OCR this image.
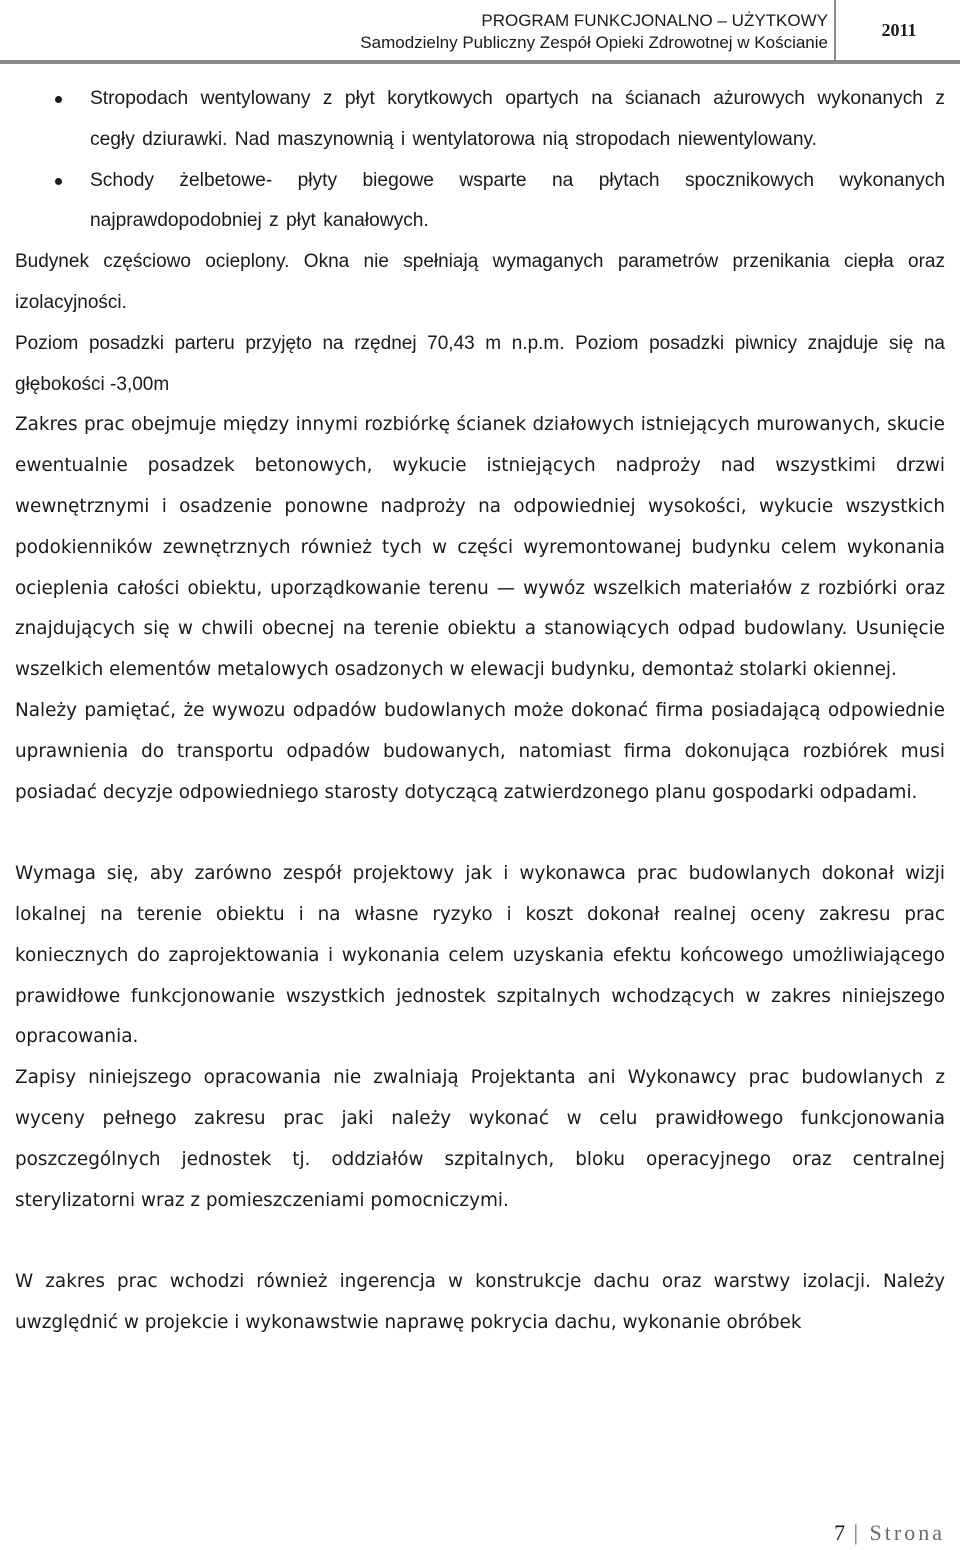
PROGRAM FUNKCJONALNO – UŻYTKOWY
Samodzielny Publiczny Zespół Opieki Zdrowotnej w Kościanie
2011
Stropodach wentylowany z płyt korytkowych opartych na ścianach ażurowych wykonanych z cegły dziurawki. Nad maszynownią i wentylatorowa nią stropodach niewentylowany.
Schody żelbetowe- płyty biegowe wsparte na płytach spocznikowych wykonanych najprawdopodobniej z płyt kanałowych.

Budynek częściowo ocieplony. Okna nie spełniają wymaganych parametrów przenikania ciepła oraz izolacyjności.

Poziom posadzki parteru przyjęto na rzędnej 70,43 m n.p.m. Poziom posadzki piwnicy znajduje się na głębokości -3,00m

Zakres prac obejmuje między innymi rozbiórkę ścianek działowych istniejących murowanych, skucie ewentualnie posadzek betonowych, wykucie istniejących nadproży nad wszystkimi drzwi wewnętrznymi i osadzenie ponowne nadproży na odpowiedniej wysokości, wykucie wszystkich podokienników zewnętrznych również tych w części wyremontowanej budynku celem wykonania ocieplenia całości obiektu, uporządkowanie terenu — wywóz wszelkich materiałów z rozbiórki oraz znajdujących się w chwili obecnej na terenie obiektu a stanowiących odpad budowlany. Usunięcie wszelkich elementów metalowych osadzonych w elewacji budynku, demontaż stolarki okiennej.

Należy pamiętać, że wywozu odpadów budowlanych może dokonać firma posiadającą odpowiednie uprawnienia do transportu odpadów budowanych, natomiast firma dokonująca rozbiórek musi posiadać decyzje odpowiedniego starosty dotyczącą zatwierdzonego planu gospodarki odpadami.

Wymaga się, aby zarówno zespół projektowy jak i wykonawca prac budowlanych dokonał wizji lokalnej na terenie obiektu i na własne ryzyko i koszt dokonał realnej oceny zakresu prac koniecznych do zaprojektowania i wykonania celem uzyskania efektu końcowego umożliwiającego prawidłowe funkcjonowanie wszystkich jednostek szpitalnych wchodzących w zakres niniejszego opracowania.

Zapisy niniejszego opracowania nie zwalniają Projektanta ani Wykonawcy prac budowlanych z wyceny pełnego zakresu prac jaki należy wykonać w celu prawidłowego funkcjonowania poszczególnych jednostek tj. oddziałów szpitalnych, bloku operacyjnego oraz centralnej sterylizatorni wraz z pomieszczeniami pomocniczymi.

W zakres prac wchodzi również ingerencja w konstrukcje dachu oraz warstwy izolacji. Należy uwzględnić w projekcie i wykonawstwie naprawę pokrycia dachu, wykonanie obróbek

7 | Strona
